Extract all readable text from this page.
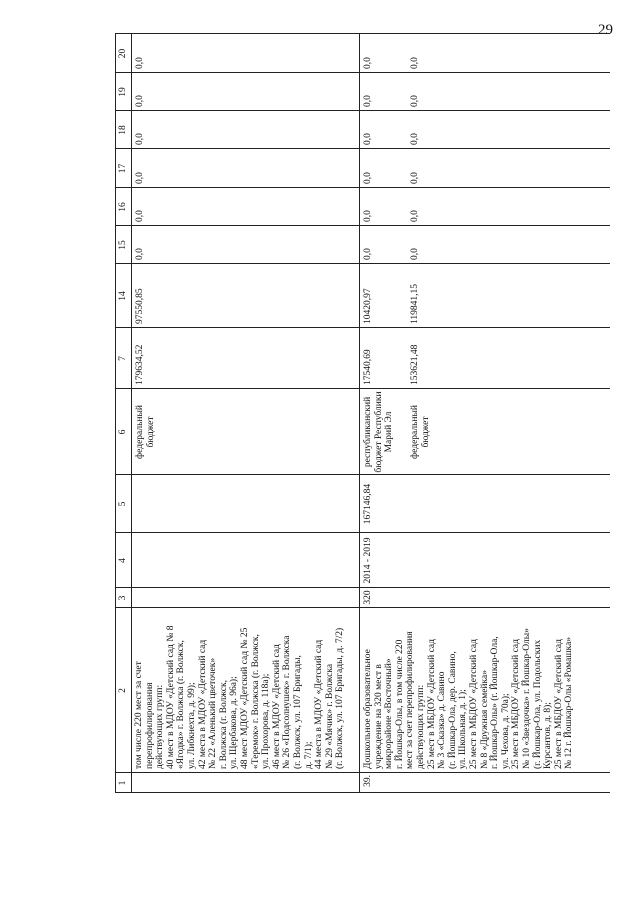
29
1
2
3
4
5
6
7
14
15
16
17
18
19
20
том числе 220 мест за счет
перепрофилирования
действующих групп:
40 мест в МДОУ «Детский сад № 8
«Ягодка» г. Волжска (г. Волжск,
ул. Либкнехта, д. 99);
42 места в МДОУ «Детский сад
№ 22 «Аленький цветочек»
г. Волжска (г. Волжск,
ул. Щербакова, д. 96а);
48 мест МДОУ «Детский сад № 25
«Теремок» г. Волжска (г. Волжск,
ул. Прохорова, д. 118а);
46 мест в МДОУ «Детский сад
№ 26 «Подсолнушек» г. Волжска
(г. Волжск, ул. 107 Бригады,
д. 7/1);
44 места в МДОУ «Детский сад
№ 29 «Мячик» г. Волжска
(г. Волжск, ул. 107 Бригады, д. 7/2)
федеральный
бюджет
179634,52
97550,85
0,0
0,0
0,0
0,0
0,0
0,0
39.
Дошкольное образовательное
учреждение на 320 мест в
микрорайоне «Восточный»
г. Йошкар-Олы, в том числе 220
мест за счет перепрофилирования
действующих групп:
25 мест в МБДОУ «Детский сад
№ 3 «Сказка» д. Савино
(г. Йошкар-Ола, дер. Савино,
ул. Школьная, д. 1);
25 мест в МБДОУ «Детский сад
№ 8 «Дружная семейка»
г. Йошкар-Олы» (г. Йошкар-Ола,
ул. Чехова, д. 70а);
25 мест в МБДОУ «Детский сад
№ 10 «Звездочка» г. Йошкар-Олы»
(г. Йошкар-Ола, ул. Подольских
Курсантов, д. 8);
25 мест в МБДОУ «Детский сад
№ 12 г. Йошкар-Олы «Ромашка»
320
2014 - 2019
167146,84
республиканский
бюджет Республики
Марий Эл
17540,69
10420,97
0,0
0,0
0,0
0,0
0,0
0,0
федеральный
бюджет
153621,48
119841,15
0,0
0,0
0,0
0,0
0,0
0,0
